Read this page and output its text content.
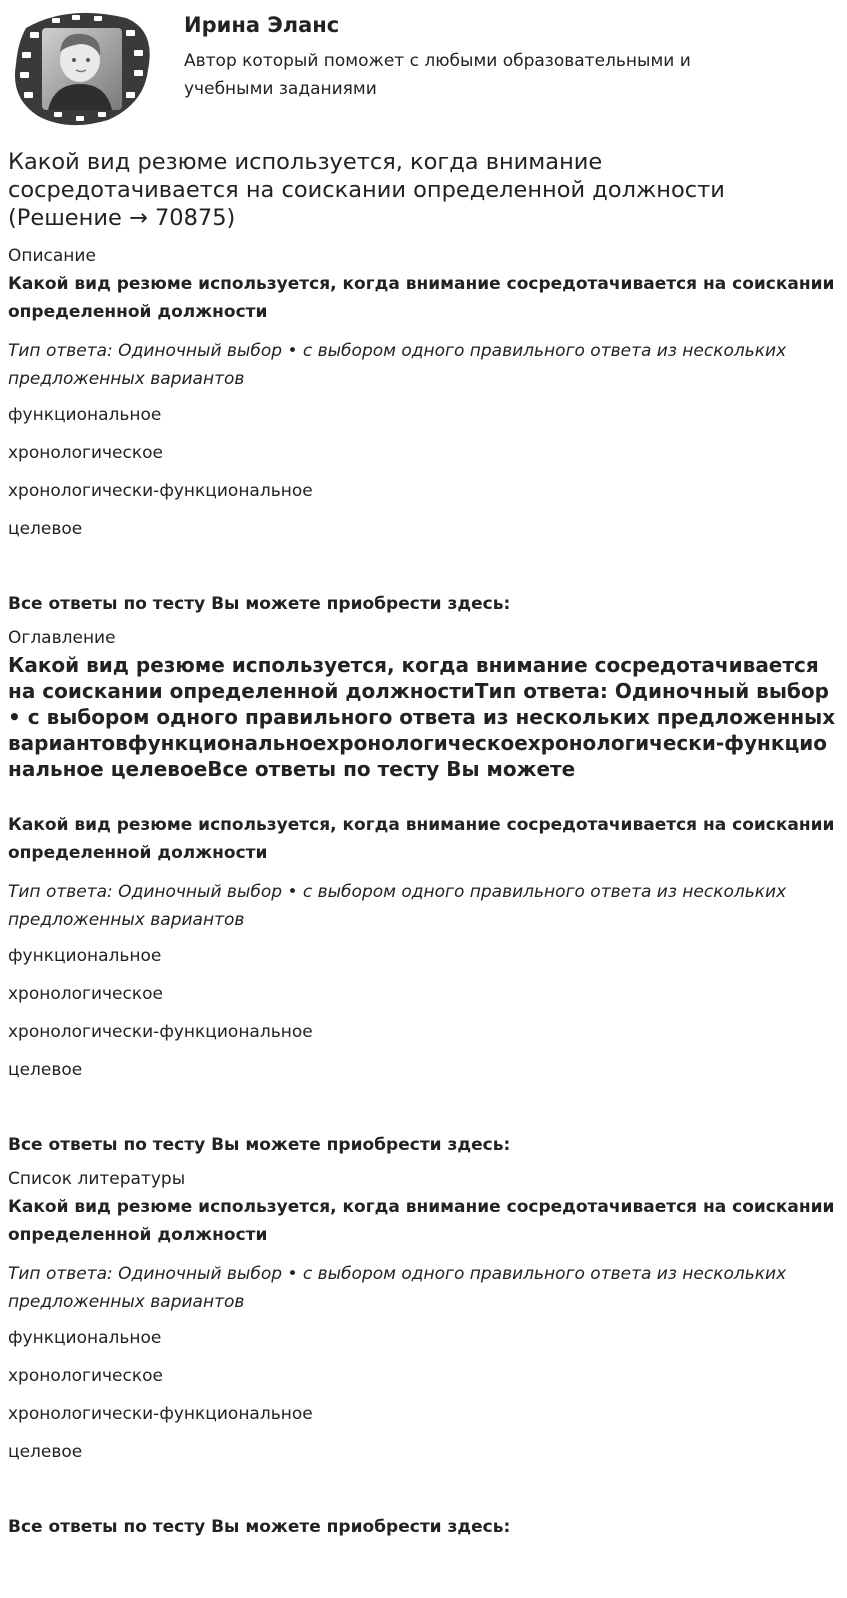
Ирина Эланс
Автор который поможет с любыми образовательными и учебными заданиями
Какой вид резюме используется, когда внимание сосредотачивается на соискании определенной должности (Решение → 70875)
Описание
Какой вид резюме используется, когда внимание сосредотачивается на соискании определенной должности
Тип ответа: Одиночный выбор • с выбором одного правильного ответа из нескольких предложенных вариантов
функциональное
хронологическое
хронологически-функциональное
целевое
Все ответы по тесту Вы можете приобрести здесь:
Оглавление
Какой вид резюме используется, когда внимание сосредотачивается на соискании определенной должностиТип ответа: Одиночный выбор • с выбором одного правильного ответа из нескольких предложенных вариантовфункциональноехронологическоехронологически-функциональное целевоеВсе ответы по тесту Вы можете
Какой вид резюме используется, когда внимание сосредотачивается на соискании определенной должности
Тип ответа: Одиночный выбор • с выбором одного правильного ответа из нескольких предложенных вариантов
функциональное
хронологическое
хронологически-функциональное
целевое
Все ответы по тесту Вы можете приобрести здесь:
Список литературы
Какой вид резюме используется, когда внимание сосредотачивается на соискании определенной должности
Тип ответа: Одиночный выбор • с выбором одного правильного ответа из нескольких предложенных вариантов
функциональное
хронологическое
хронологически-функциональное
целевое
Все ответы по тесту Вы можете приобрести здесь:
